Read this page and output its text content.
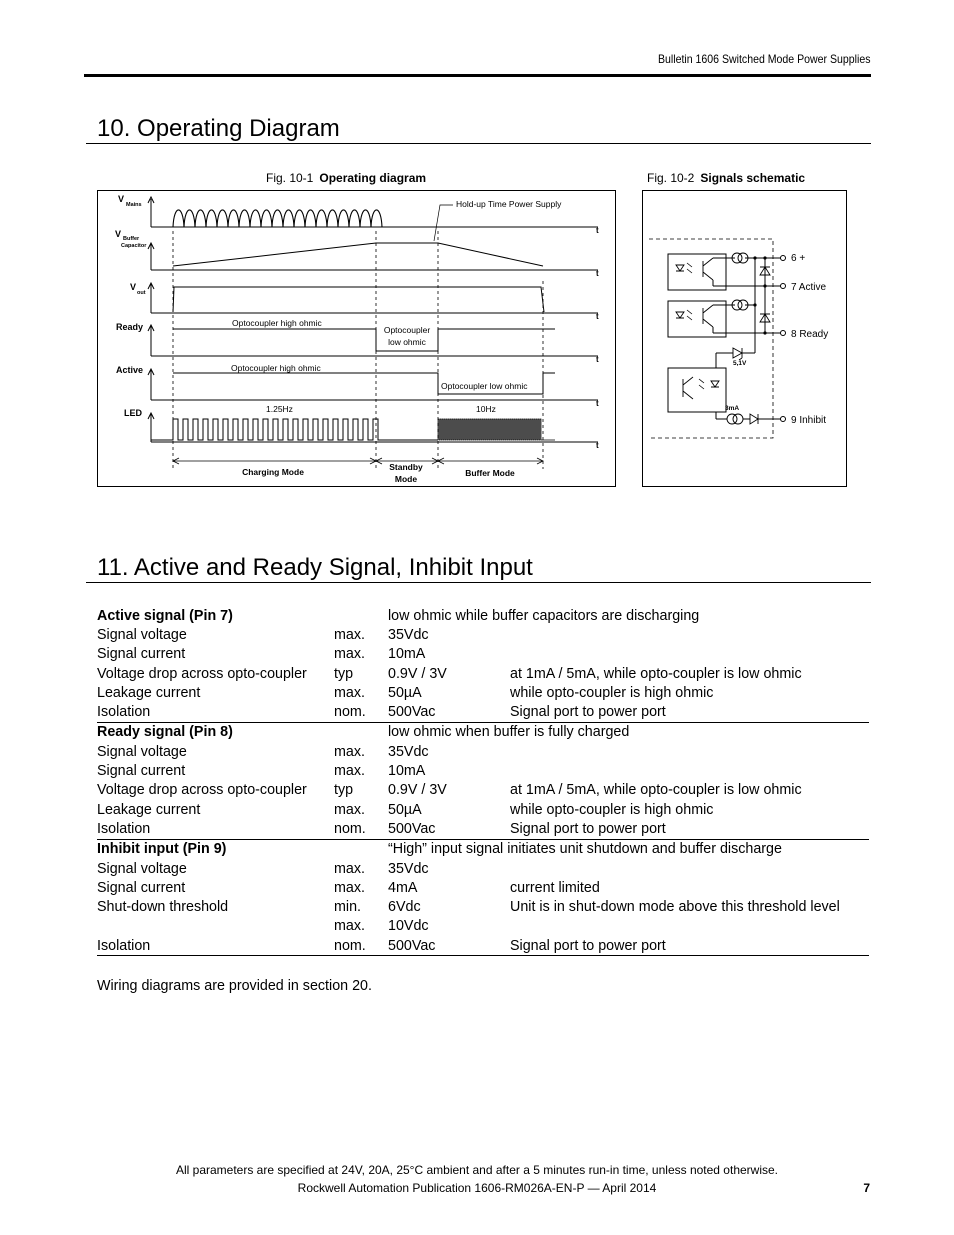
Bulletin 1606 Switched Mode Power Supplies
10. Operating Diagram
Fig. 10-1 Operating diagram	Fig. 10-2 Signals schematic
V
Mains
V Buffer
Capacitor
V
out
Ready
Active
LED
t
t
t
t
t
t
Hold-up Time Power Supply
Optocoupler high ohmic
Optocoupler
low ohmic
Optocoupler high ohmic
Optocoupler low ohmic
1.25Hz	10Hz
Charging Mode	Standby
Mode
Buffer Mode
6 +
7 Active
8 Ready
9 Inhibit
5,1V
3mA
11. Active and Ready Signal, Inhibit Input
Active signal (Pin 7)		low ohmic while buffer capacitors are discharging	
Signal voltage	max.	35Vdc	
Signal current	max.	10mA	
Voltage drop across opto-coupler	typ	0.9V / 3V	at 1mA / 5mA, while opto-coupler is low ohmic
Leakage current	max.	50µA	while opto-coupler is high ohmic
Isolation	nom.	500Vac	Signal port to power port
Ready signal (Pin 8)		low ohmic when buffer is fully charged	
Signal voltage	max.	35Vdc	
Signal current	max.	10mA	
Voltage drop across opto-coupler	typ	0.9V / 3V	at 1mA / 5mA, while opto-coupler is low ohmic
Leakage current	max.	50µA	while opto-coupler is high ohmic
Isolation	nom.	500Vac	Signal port to power port
Inhibit input (Pin 9)		“High” input signal initiates unit shutdown and buffer discharge	
Signal voltage	max.	35Vdc	
Signal current	max.	4mA	current limited
Shut-down threshold	min.	6Vdc	Unit is in shut-down mode above this threshold level
	max.	10Vdc	
Isolation	nom.	500Vac	Signal port to power port
Wiring diagrams are provided in section 20.
All parameters are specified at 24V, 20A, 25°C ambient and after a 5 minutes run-in time, unless noted otherwise.
Rockwell Automation Publication 1606-RM026A-EN-P — April 2014	7
